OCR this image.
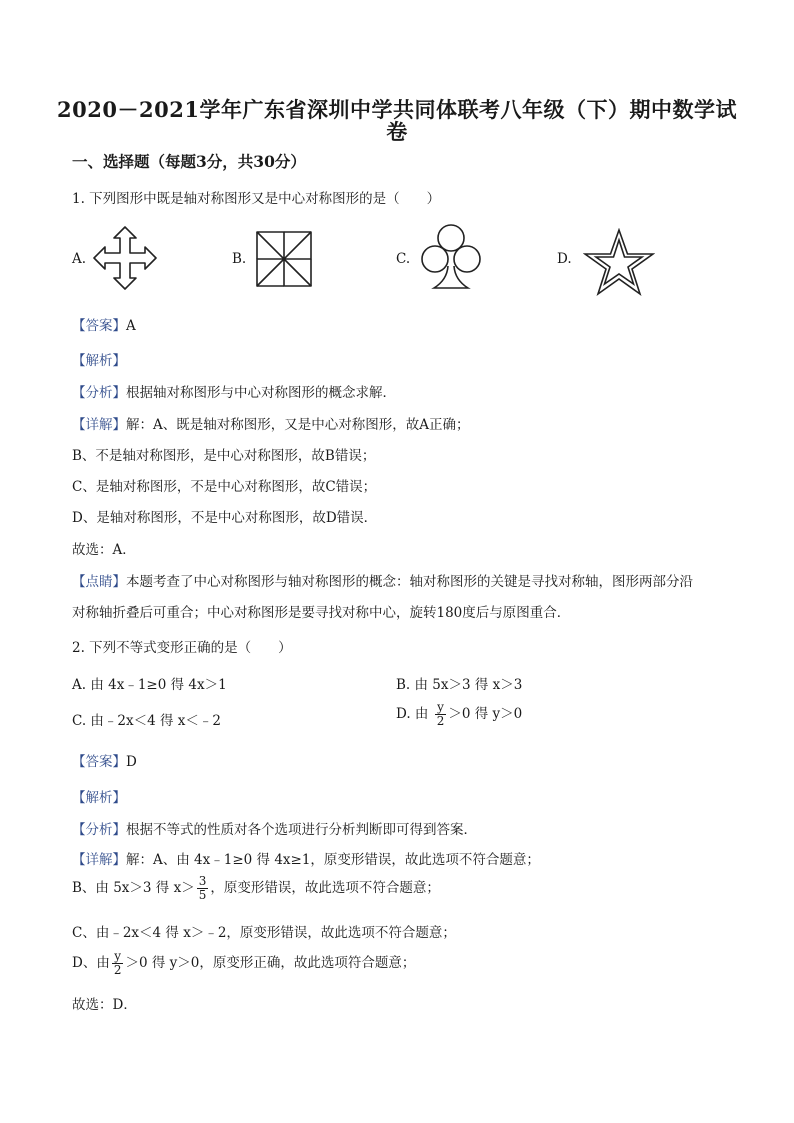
2020－2021学年广东省深圳中学共同体联考八年级（下）期中数学试
卷
一、选择题（每题3分，共30分）
1. 下列图形中既是轴对称图形又是中心对称图形的是（　　）
A.	B.	C.	D.
【答案】A
【解析】
【分析】根据轴对称图形与中心对称图形的概念求解．
【详解】解：A、既是轴对称图形，又是中心对称图形，故A正确；
B、不是轴对称图形，是中心对称图形，故B错误；
C、是轴对称图形，不是中心对称图形，故C错误；
D、是轴对称图形，不是中心对称图形，故D错误．
故选：A．
【点睛】本题考查了中心对称图形与轴对称图形的概念：轴对称图形的关键是寻找对称轴，图形两部分沿
对称轴折叠后可重合；中心对称图形是要寻找对称中心，旋转180度后与原图重合．
2. 下列不等式变形正确的是（　　）
A. 由 4x﹣1≥0 得 4x＞1	B. 由 5x＞3 得 x＞3
C. 由﹣2x＜4 得 x＜﹣2	D. 由 $\frac{y}{2} >0$ 得 y＞0
【答案】D
【解析】
【分析】根据不等式的性质对各个选项进行分析判断即可得到答案．
【详解】解：A、由 4x﹣1≥0 得 4x≥1，原变形错误，故此选项不符合题意；
B、由 5x＞3 得 $x> \frac{3}{5}$ ，原变形错误，故此选项不符合题意；
C、由﹣2x＜4 得 x＞﹣2，原变形错误，故此选项不符合题意；
D、由 $\frac{y}{2} >0$ 得 y＞0，原变形正确，故此选项符合题意；
故选：D．
